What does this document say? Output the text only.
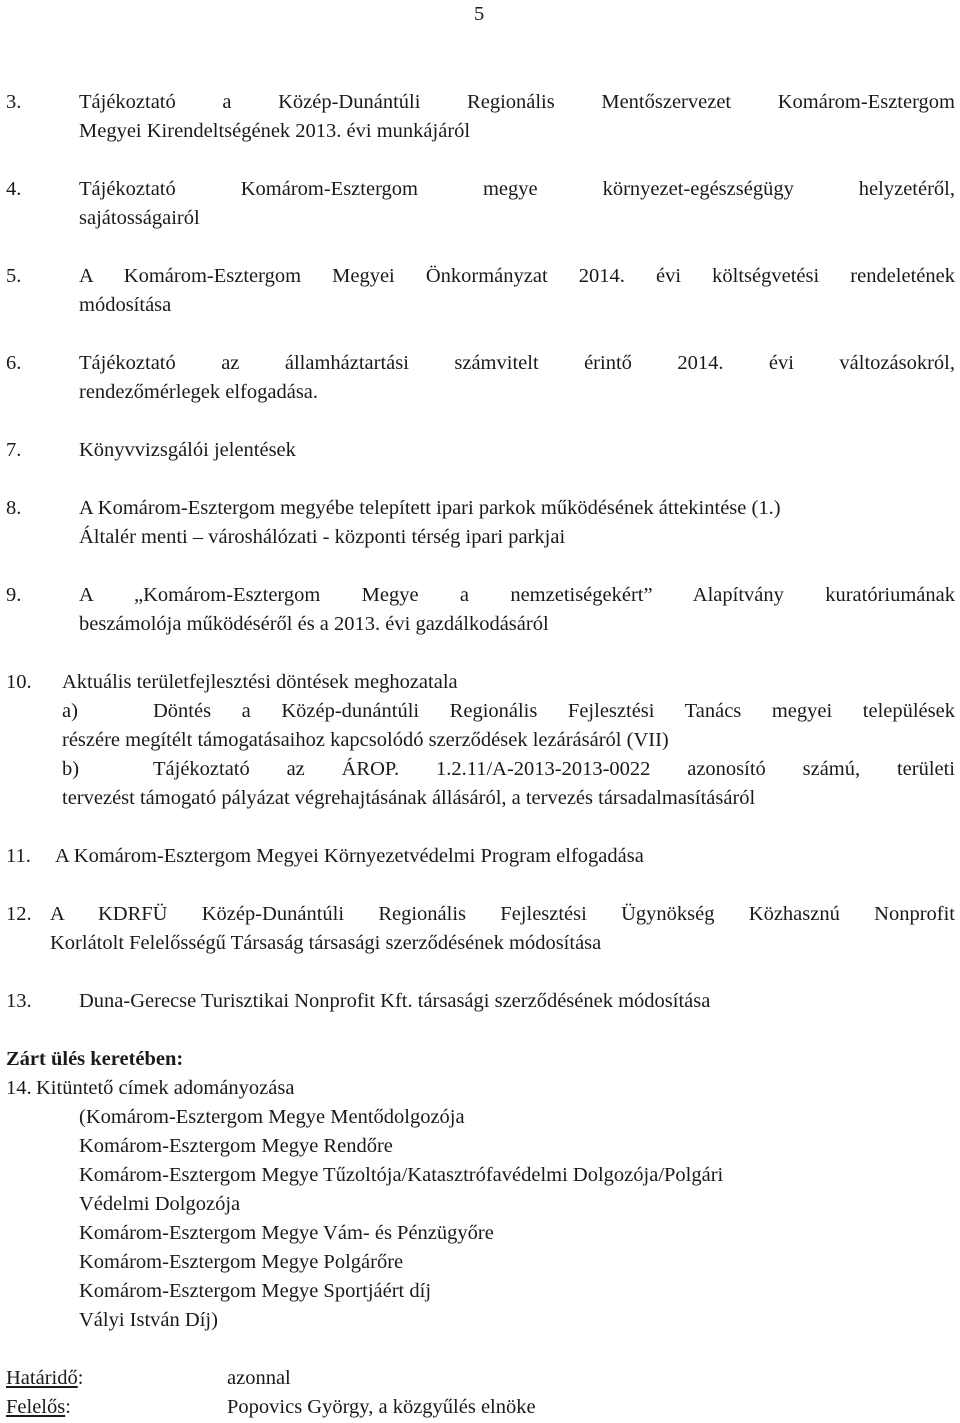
5
3.	Tájékoztató a Közép-Dunántúli Regionális Mentőszervezet Komárom-Esztergom
Megyei Kirendeltségének 2013. évi munkájáról
4.	Tájékoztató Komárom-Esztergom megye környezet-egészségügy helyzetéről,
sajátosságairól
5.	A Komárom-Esztergom Megyei Önkormányzat 2014. évi költségvetési rendeletének
módosítása
6.	Tájékoztató az államháztartási számvitelt érintő 2014. évi változásokról,
rendezőmérlegek elfogadása.
7.	Könyvvizsgálói jelentések
8.	A Komárom-Esztergom megyébe telepített ipari parkok működésének áttekintése (1.)
Általér menti – városhálózati - központi térség ipari parkjai
9.	A „Komárom-Esztergom Megye a nemzetiségekért” Alapítvány kuratóriumának
beszámolója működéséről és a 2013. évi gazdálkodásáról
10. Aktuális területfejlesztési döntések meghozatala
a)	Döntés a Közép-dunántúli Regionális Fejlesztési Tanács megyei települések
részére megítélt támogatásaihoz kapcsolódó szerződések lezárásáról (VII)
b)	Tájékoztató az ÁROP. 1.2.11/A-2013-2013-0022 azonosító számú, területi
tervezést támogató pályázat végrehajtásának állásáról, a tervezés társadalmasításáról
11. A Komárom-Esztergom Megyei Környezetvédelmi Program elfogadása
12. A KDRFÜ Közép-Dunántúli Regionális Fejlesztési Ügynökség Közhasznú Nonprofit
Korlátolt Felelősségű Társaság társasági szerződésének módosítása
13. Duna-Gerecse Turisztikai Nonprofit Kft. társasági szerződésének módosítása
Zárt ülés keretében:
14. Kitüntető címek adományozása
(Komárom-Esztergom Megye Mentődolgozója
Komárom-Esztergom Megye Rendőre
Komárom-Esztergom Megye Tűzoltója/Katasztrófavédelmi Dolgozója/Polgári
Védelmi Dolgozója
Komárom-Esztergom Megye Vám- és Pénzügyőre
Komárom-Esztergom Megye Polgárőre
Komárom-Esztergom Megye Sportjáért díj
Vályi István Díj)
Határidő:	azonnal
Felelős:	Popovics György, a közgyűlés elnöke
